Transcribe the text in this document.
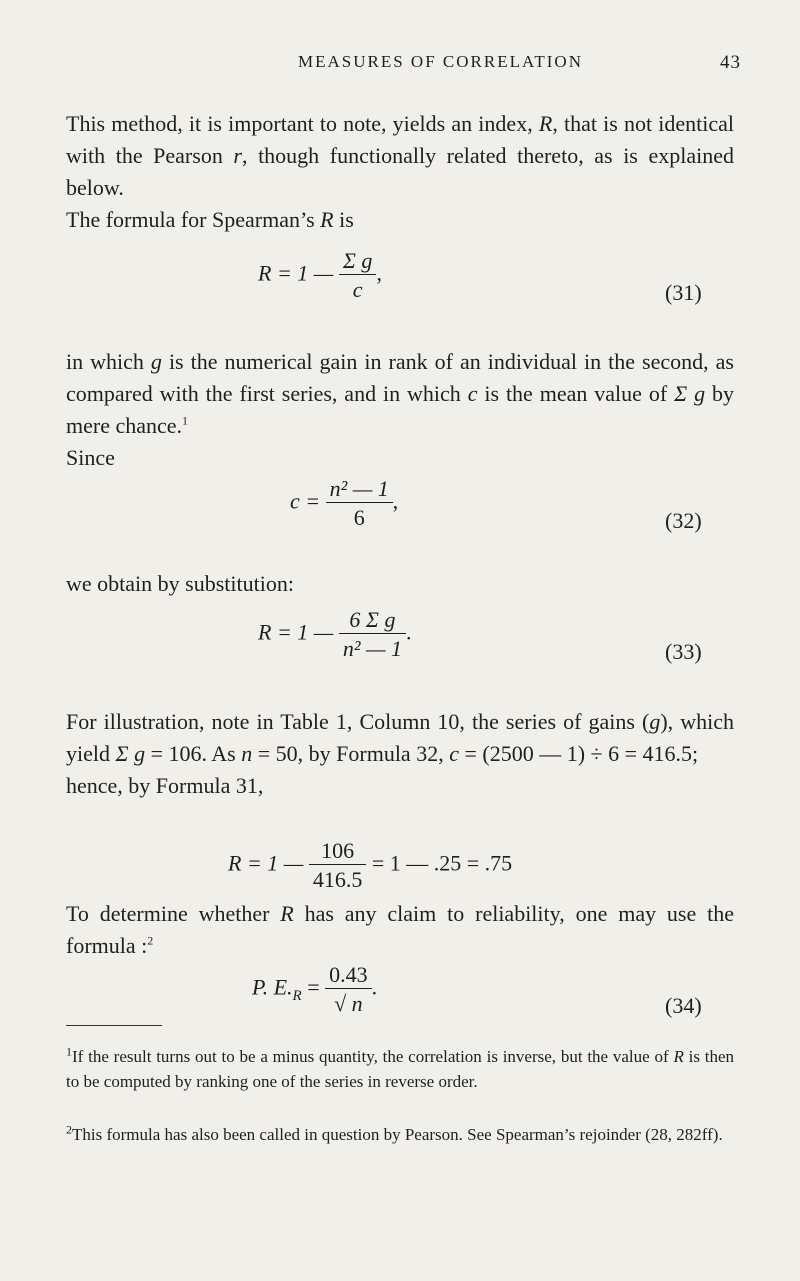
MEASURES OF CORRELATION	43
This method, it is important to note, yields an index, R, that is not identical with the Pearson r, though functionally related thereto, as is explained below.
The formula for Spearman’s R is
R = 1 — $\frac{\text{Σ g}}{c}$ ,
(31)
in which g is the numerical gain in rank of an individual in the second, as compared with the first series, and in which c is the mean value of Σ g by mere chance.$^1$
Since
$c = \frac{\text{n² — 1}}{6}$ ,
(32)
we obtain by substitution:
R = 1 — $\frac{\text{6 Σ g}}{\text{n² — 1}}$ .
(33)
For illustration, note in Table 1, Column 10, the series of gains (g), which yield Σ g = 106. As n = 50, by Formula 32, c = (2500 — 1) ÷ 6 = 416.5;
hence, by Formula 31,
R = 1 — $\frac{106}{416.5} = 1$ — .25 = .75
To determine whether R has any claim to reliability, one may use the formula :$^2$
P. $E._R = \frac{0.43}{√ n}$ .
(34)
$^1$If the result turns out to be a minus quantity, the correlation is inverse, but the value of R is then to be computed by ranking one of the series in reverse order.
$^2$This formula has also been called in question by Pearson. See Spearman’s rejoinder (28, 282ff).
